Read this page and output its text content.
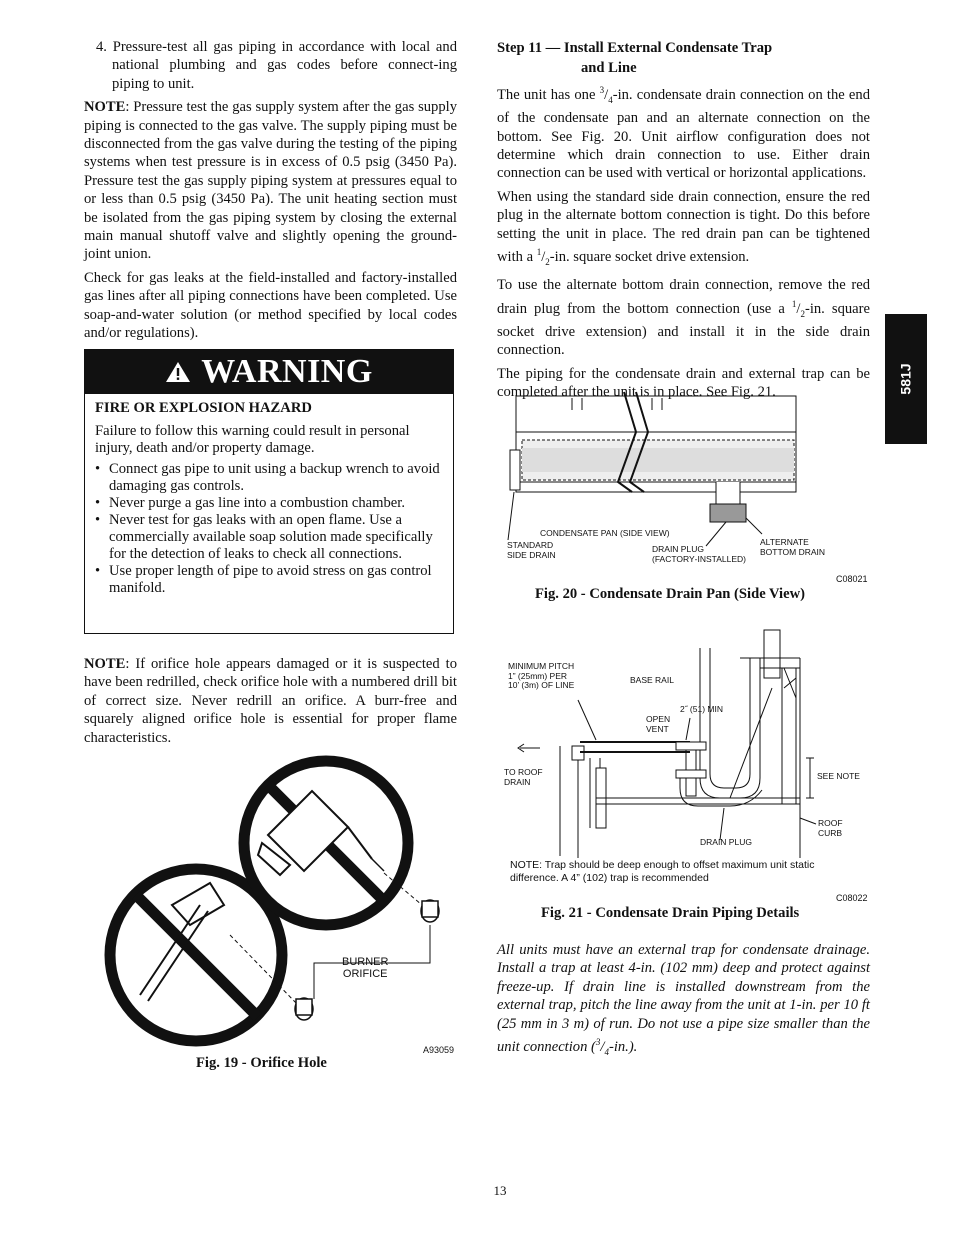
4. Pressure‐test all gas piping in accordance with local and national plumbing and gas codes before connect‐ing piping to unit.

NOTE: Pressure test the gas supply system after the gas supply piping is connected to the gas valve. The supply piping must be disconnected from the gas valve during the testing of the piping systems when test pressure is in excess of 0.5 psig (3450 Pa). Pressure test the gas supply piping system at pressures equal to or less than 0.5 psig (3450 Pa). The unit heating section must be isolated from the gas piping system by closing the external main manual shutoff valve and slightly opening the ground‐joint union.

Check for gas leaks at the field‐installed and factory‐installed gas lines after all piping connections have been completed. Use soap‐and‐water solution (or method specified by local codes and/or regulations).

WARNING
FIRE OR EXPLOSION HAZARD
Failure to follow this warning could result in personal injury, death and/or property damage.
• Connect gas pipe to unit using a backup wrench to avoid damaging gas controls.
• Never purge a gas line into a combustion chamber.
• Never test for gas leaks with an open flame. Use a commercially available soap solution made specifically for the detection of leaks to check all connections.
• Use proper length of pipe to avoid stress on gas control manifold.

NOTE: If orifice hole appears damaged or it is suspected to have been redrilled, check orifice hole with a numbered drill bit of correct size. Never redrill an orifice. A burr‐free and squarely aligned orifice hole is essential for proper flame characteristics.

BURNER
ORIFICE
A93059
Fig. 19 ‐ Orifice Hole
Step 11 — Install External Condensate Trap
and Line

The unit has one $^3/_4‐in$. condensate drain connection on the end of the condensate pan and an alternate connection on the bottom. See Fig. 20. Unit airflow configuration does not determine which drain connection to use. Either drain connection can be used with vertical or horizontal applications.

When using the standard side drain connection, ensure the red plug in the alternate bottom connection is tight. Do this before setting the unit in place. The red drain pan can be tightened with a $^1/_2‐in$. square socket drive extension.

To use the alternate bottom drain connection, remove the red drain plug from the bottom connection (use a $^1/_2‐in$. square socket drive extension) and install it in the side drain connection.

The piping for the condensate drain and external trap can be completed after the unit is in place. See Fig. 21.

CONDENSATE PAN (SIDE VIEW)
STANDARD
SIDE DRAIN
DRAIN PLUG
(FACTORY‐INSTALLED)
ALTERNATE
BOTTOM DRAIN
C08021
Fig. 20 ‐ Condensate Drain Pan (Side View)
MINIMUM PITCH
1” (25mm) PER
10’ (3m) OF LINE	BASE RAIL
2˝ (51) MIN
OPEN
VENT
TO ROOF
DRAIN
SEE NOTE
ROOF
CURB
DRAIN PLUG
NOTE: Trap should be deep enough to offset maximum unit static
difference. A 4” (102) trap is recommended
C08022
Fig. 21 ‐ Condensate Drain Piping Details

All units must have an external trap for condensate drainage. Install a trap at least 4‐in. (102 mm) deep and protect against freeze‐up. If drain line is installed downstream from the external trap, pitch the line away from the unit at 1‐in. per 10 ft (25 mm in 3 m) of run. Do not use a pipe size smaller than the unit connection $(^3/_4‐in.)$.

581J
13
